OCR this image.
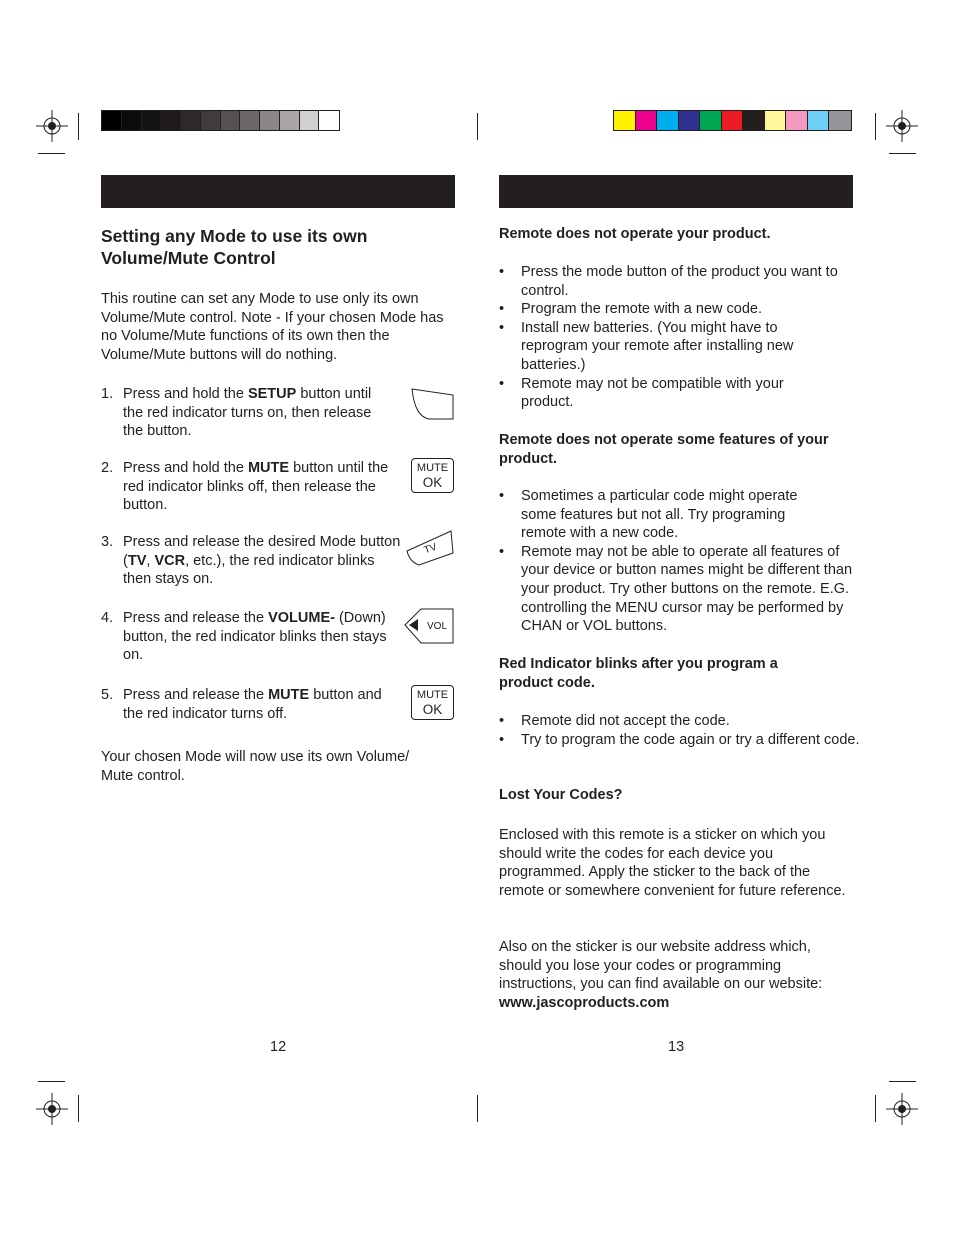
Setting any Mode to use its own
Volume/Mute Control

This routine can set any Mode to use only its own Volume/Mute control. Note - If your chosen Mode has no Volume/Mute functions of its own then the Volume/Mute buttons will do nothing.

1. Press and hold the SETUP button until the red indicator turns on, then release the button.
2. Press and hold the MUTE button until the red indicator blinks off, then release the button.
MUTE
OK
3. Press and release the desired Mode button (TV, VCR, etc.), the red indicator blinks then stays on.
TV
4. Press and release the VOLUME- (Down) button, the red indicator blinks then stays on.
VOL
5. Press and release the MUTE button and the red indicator turns off.
MUTE
OK

Your chosen Mode will now use its own Volume/ Mute control.

12
Remote does not operate your product.
• Press the mode button of the product you want to control.
• Program the remote with a new code.
• Install new batteries. (You might have to reprogram your remote after installing new batteries.)
• Remote may not be compatible with your product.
Remote does not operate some features of your product.
• Sometimes a particular code might operate some features but not all. Try programing remote with a new code.
• Remote may not be able to operate all features of your device or button names might be different than your product. Try other buttons on the remote. E.G. controlling the MENU cursor may be performed by CHAN or VOL buttons.
Red Indicator blinks after you program a product code.
• Remote did not accept the code.
• Try to program the code again or try a different code.
Lost Your Codes?

Enclosed with this remote is a sticker on which you should write the codes for each device you programmed. Apply the sticker to the back of the remote or somewhere convenient for future reference.

Also on the sticker is our website address which, should you lose your codes or programming instructions, you can find available on our website:
www.jascoproducts.com

13
